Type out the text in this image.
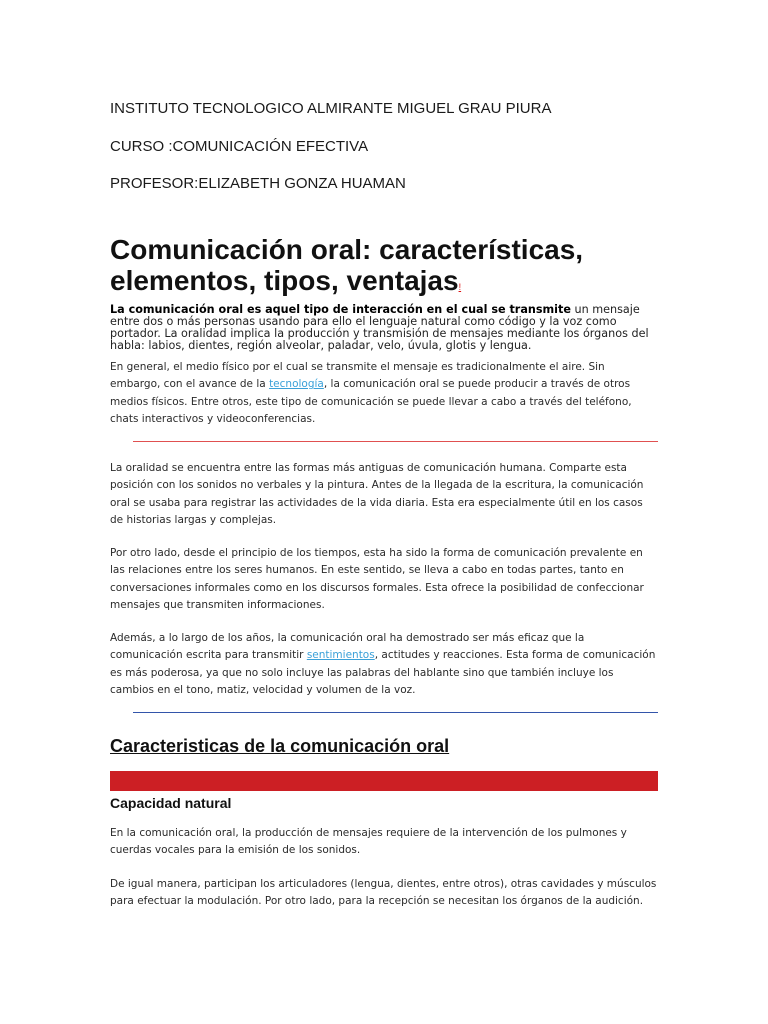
INSTITUTO TECNOLOGICO ALMIRANTE MIGUEL GRAU PIURA
CURSO :COMUNICACIÓN EFECTIVA
PROFESOR:ELIZABETH GONZA HUAMAN
Comunicación oral: características, elementos, tipos, ventajas!
La comunicación oral es aquel tipo de interacción en el cual se transmite un mensaje entre dos o más personas usando para ello el lenguaje natural como código y la voz como portador. La oralidad implica la producción y transmisión de mensajes mediante los órganos del habla: labios, dientes, región alveolar, paladar, velo, úvula, glotis y lengua.
En general, el medio físico por el cual se transmite el mensaje es tradicionalmente el aire. Sin embargo, con el avance de la tecnología, la comunicación oral se puede producir a través de otros medios físicos. Entre otros, este tipo de comunicación se puede llevar a cabo a través del teléfono, chats interactivos y videoconferencias.
La oralidad se encuentra entre las formas más antiguas de comunicación humana. Comparte esta posición con los sonidos no verbales y la pintura. Antes de la llegada de la escritura, la comunicación oral se usaba para registrar las actividades de la vida diaria. Esta era especialmente útil en los casos de historias largas y complejas.
Por otro lado, desde el principio de los tiempos, esta ha sido la forma de comunicación prevalente en las relaciones entre los seres humanos. En este sentido, se lleva a cabo en todas partes, tanto en conversaciones informales como en los discursos formales. Esta ofrece la posibilidad de confeccionar mensajes que transmiten informaciones.
Además, a lo largo de los años, la comunicación oral ha demostrado ser más eficaz que la comunicación escrita para transmitir sentimientos, actitudes y reacciones. Esta forma de comunicación es más poderosa, ya que no solo incluye las palabras del hablante sino que también incluye los cambios en el tono, matiz, velocidad y volumen de la voz.
Caracteristicas de la comunicación oral
Capacidad natural
En la comunicación oral, la producción de mensajes requiere de la intervención de los pulmones y cuerdas vocales para la emisión de los sonidos.
De igual manera, participan los articuladores (lengua, dientes, entre otros), otras cavidades y músculos para efectuar la modulación. Por otro lado, para la recepción se necesitan los órganos de la audición.
